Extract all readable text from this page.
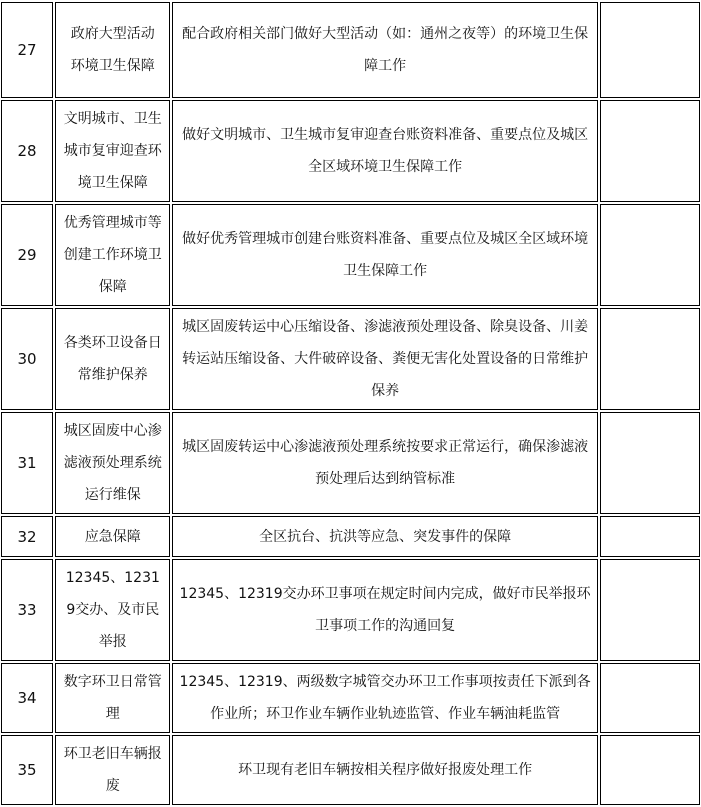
27	政府大型活动　环境卫生保障	配合政府相关部门做好大型活动（如：通州之夜等）的环境卫生保障工作	
28	文明城市、卫生城市复审迎查环境卫生保障	做好文明城市、卫生城市复审迎查台账资料准备、重要点位及城区全区域环境卫生保障工作	
29	优秀管理城市等创建工作环境卫保障	做好优秀管理城市创建台账资料准备、重要点位及城区全区域环境卫生保障工作	
30	各类环卫设备日常维护保养	城区固废转运中心压缩设备、渗滤液预处理设备、除臭设备、川姜转运站压缩设备、大件破碎设备、粪便无害化处置设备的日常维护保养	
31	城区固废中心渗滤液预处理系统运行维保	城区固废转运中心渗滤液预处理系统按要求正常运行，确保渗滤液预处理后达到纳管标准	
32	应急保障	全区抗台、抗洪等应急、突发事件的保障	
33	12345、12319交办、及市民举报	12345、12319交办环卫事项在规定时间内完成，做好市民举报环卫事项工作的沟通回复	
34	数字环卫日常管理	12345、12319、两级数字城管交办环卫工作事项按责任下派到各作业所；环卫作业车辆作业轨迹监管、作业车辆油耗监管	
35	环卫老旧车辆报废	环卫现有老旧车辆按相关程序做好报废处理工作	
